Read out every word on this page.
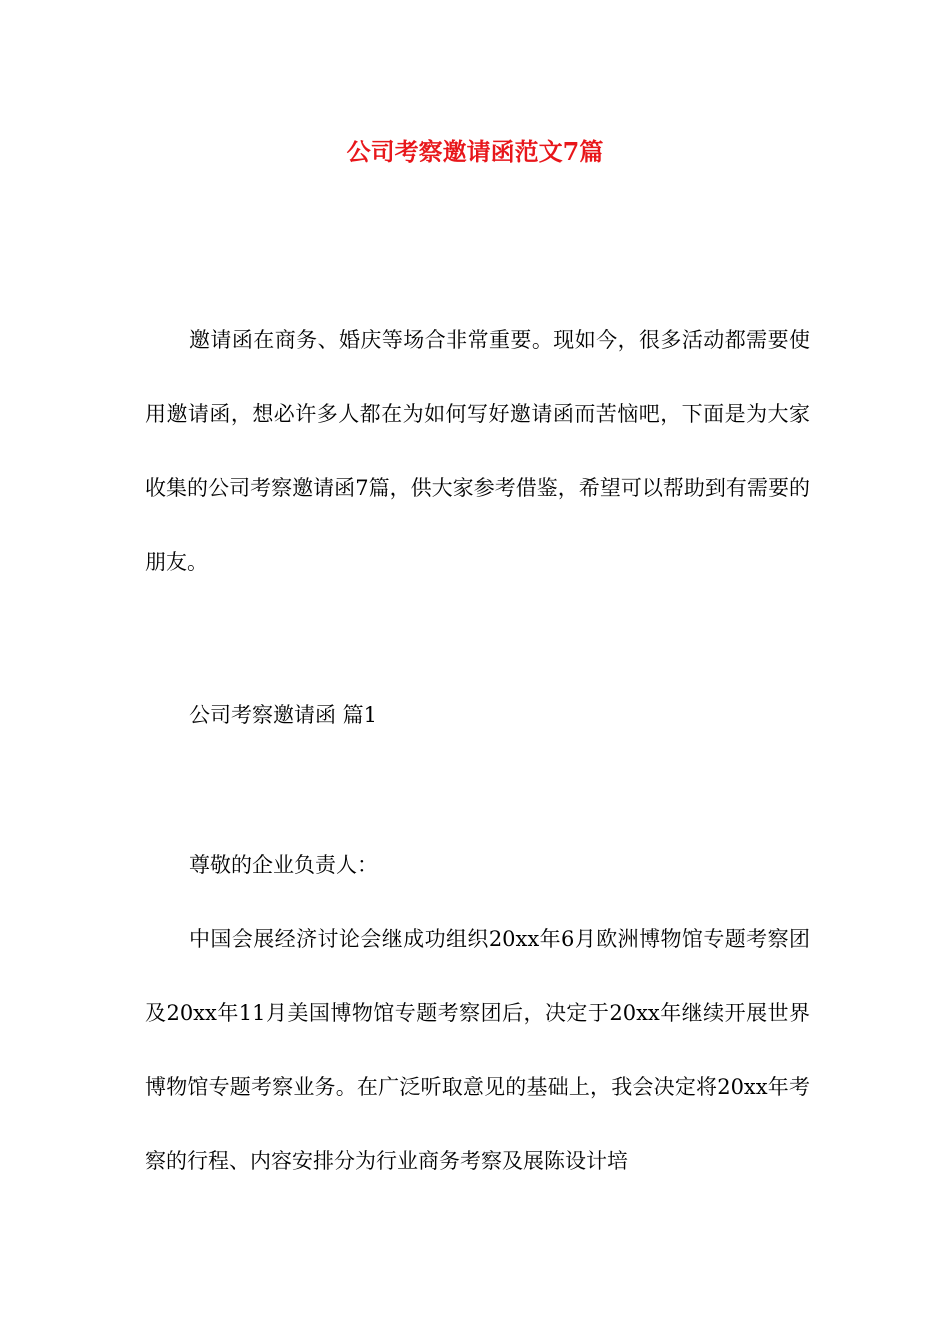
公司考察邀请函范文7篇
邀请函在商务、婚庆等场合非常重要。现如今，很多活动都需要使用邀请函，想必许多人都在为如何写好邀请函而苦恼吧，下面是为大家收集的公司考察邀请函7篇，供大家参考借鉴，希望可以帮助到有需要的朋友。
公司考察邀请函 篇1
尊敬的企业负责人：
中国会展经济讨论会继成功组织20xx年6月欧洲博物馆专题考察团及20xx年11月美国博物馆专题考察团后，决定于20xx年继续开展世界博物馆专题考察业务。在广泛听取意见的基础上，我会决定将20xx年考察的行程、内容安排分为行业商务考察及展陈设计培
